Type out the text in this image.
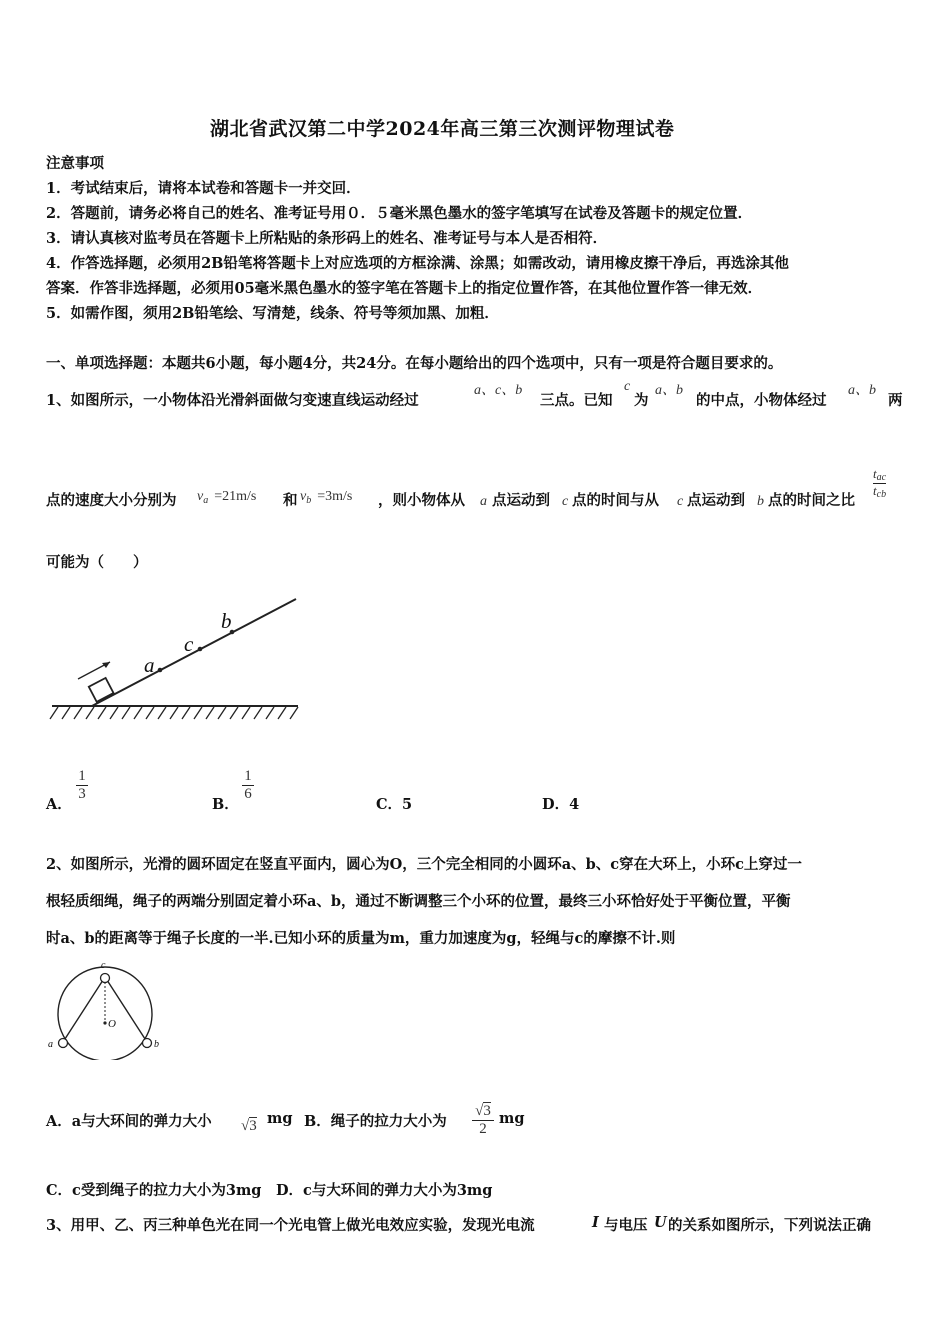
湖北省武汉第二中学2024年高三第三次测评物理试卷
注意事项
1．考试结束后，请将本试卷和答题卡一并交回．
2．答题前，请务必将自己的姓名、准考证号用０．５毫米黑色墨水的签字笔填写在试卷及答题卡的规定位置．
3．请认真核对监考员在答题卡上所粘贴的条形码上的姓名、准考证号与本人是否相符．
4．作答选择题，必须用2B铅笔将答题卡上对应选项的方框涂满、涂黑；如需改动，请用橡皮擦干净后，再选涂其他
答案．作答非选择题，必须用05毫米黑色墨水的签字笔在答题卡上的指定位置作答，在其他位置作答一律无效．
5．如需作图，须用2B铅笔绘、写清楚，线条、符号等须加黑、加粗．
一、单项选择题：本题共6小题，每小题4分，共24分。在每小题给出的四个选项中，只有一项是符合题目要求的。
1、如图所示，一小物体沿光滑斜面做匀变速直线运动经过
a、c、b
三点。已知
c
为
a、b
的中点，小物体经过
a、b
两
点的速度大小分别为 $v_a =21m/s$ 和 $v_b =3m/s$ ，则小物体从 a 点运动到 c 点的时间与从 c 点运动到 b 点的时间之比
$\frac{t_{ac}}{t_{cb}}$
可能为（　　）
a
c
b
A．
$\frac{1}{3}$
B．
$\frac{1}{6}$
C．5	D．4
2、如图所示，光滑的圆环固定在竖直平面内，圆心为O，三个完全相同的小圆环a、b、c穿在大环上，小环c上穿过一
根轻质细绳，绳子的两端分别固定着小环a、b，通过不断调整三个小环的位置，最终三小环恰好处于平衡位置，平衡
时a、b的距离等于绳子长度的一半.已知小环的质量为m，重力加速度为g，轻绳与c的摩擦不计.则
c
O
a	b
A．a与大环间的弹力大小 √3 mg B．绳子的拉力大小为 $\frac{√3}{2}$ mg
C．c受到绳子的拉力大小为3mg　D．c与大环间的弹力大小为3mg
3、用甲、乙、丙三种单色光在同一个光电管上做光电效应实验，发现光电流	I 与电压 U 的关系如图所示，下列说法正确
